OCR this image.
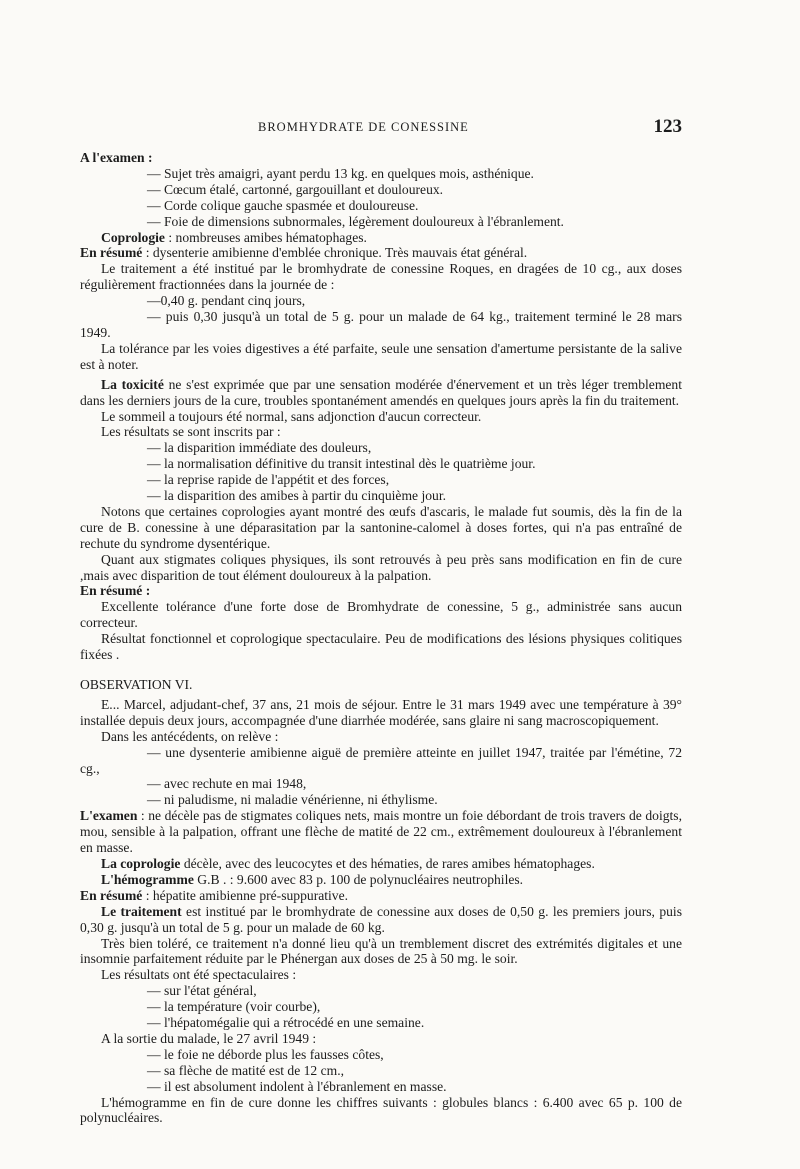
BROMHYDRATE DE CONESSINE	123

A l'examen :

— Sujet très amaigri, ayant perdu 13 kg. en quelques mois, asthénique.

— Cœcum étalé, cartonné, gargouillant et douloureux.

— Corde colique gauche spasmée et douloureuse.

— Foie de dimensions subnormales, légèrement douloureux à l'ébranlement.

Coprologie : nombreuses amibes hématophages.

En résumé : dysenterie amibienne d'emblée chronique. Très mauvais état général.

Le traitement a été institué par le bromhydrate de conessine Roques, en dragées de 10 cg., aux doses régulièrement fractionnées dans la journée de :

—0,40 g. pendant cinq jours,

— puis 0,30 jusqu'à un total de 5 g. pour un malade de 64 kg., traitement terminé le 28 mars 1949.

La tolérance par les voies digestives a été parfaite, seule une sensation d'amertume persistante de la salive est à noter.

La toxicité ne s'est exprimée que par une sensation modérée d'énervement et un très léger tremblement dans les derniers jours de la cure, troubles spontanément amendés en quelques jours après la fin du traitement.

Le sommeil a toujours été normal, sans adjonction d'aucun correcteur.

Les résultats se sont inscrits par :

— la disparition immédiate des douleurs,

— la normalisation définitive du transit intestinal dès le quatrième jour.

— la reprise rapide de l'appétit et des forces,

— la disparition des amibes à partir du cinquième jour.

Notons que certaines coprologies ayant montré des œufs d'ascaris, le malade fut soumis, dès la fin de la cure de B. conessine à une déparasitation par la santonine-calomel à doses fortes, qui n'a pas entraîné de rechute du syndrome dysentérique.

Quant aux stigmates coliques physiques, ils sont retrouvés à peu près sans modification en fin de cure ,mais avec disparition de tout élément douloureux à la palpation.

En résumé :

Excellente tolérance d'une forte dose de Bromhydrate de conessine, 5 g., administrée sans aucun correcteur.

Résultat fonctionnel et coprologique spectaculaire. Peu de modifications des lésions physiques colitiques fixées .

OBSERVATION VI.

E... Marcel, adjudant-chef, 37 ans, 21 mois de séjour. Entre le 31 mars 1949 avec une température à 39° installée depuis deux jours, accompagnée d'une diarrhée modérée, sans glaire ni sang macroscopiquement.

Dans les antécédents, on relève :

— une dysenterie amibienne aiguë de première atteinte en juillet 1947, traitée par l'émétine, 72 cg.,

— avec rechute en mai 1948,

— ni paludisme, ni maladie vénérienne, ni éthylisme.

L'examen : ne décèle pas de stigmates coliques nets, mais montre un foie débordant de trois travers de doigts, mou, sensible à la palpation, offrant une flèche de matité de 22 cm., extrêmement douloureux à l'ébranlement en masse.

La coprologie décèle, avec des leucocytes et des hématies, de rares amibes hématophages.

L'hémogramme G.B . : 9.600 avec 83 p. 100 de polynucléaires neutrophiles.

En résumé : hépatite amibienne pré-suppurative.

Le traitement est institué par le bromhydrate de conessine aux doses de 0,50 g. les premiers jours, puis 0,30 g. jusqu'à un total de 5 g. pour un malade de 60 kg.

Très bien toléré, ce traitement n'a donné lieu qu'à un tremblement discret des extrémités digitales et une insomnie parfaitement réduite par le Phénergan aux doses de 25 à 50 mg. le soir.

Les résultats ont été spectaculaires :

— sur l'état général,

— la température (voir courbe),

— l'hépatomégalie qui a rétrocédé en une semaine.

A la sortie du malade, le 27 avril 1949 :

— le foie ne déborde plus les fausses côtes,

— sa flèche de matité est de 12 cm.,

— il est absolument indolent à l'ébranlement en masse.

L'hémogramme en fin de cure donne les chiffres suivants : globules blancs : 6.400 avec 65 p. 100 de polynucléaires.
